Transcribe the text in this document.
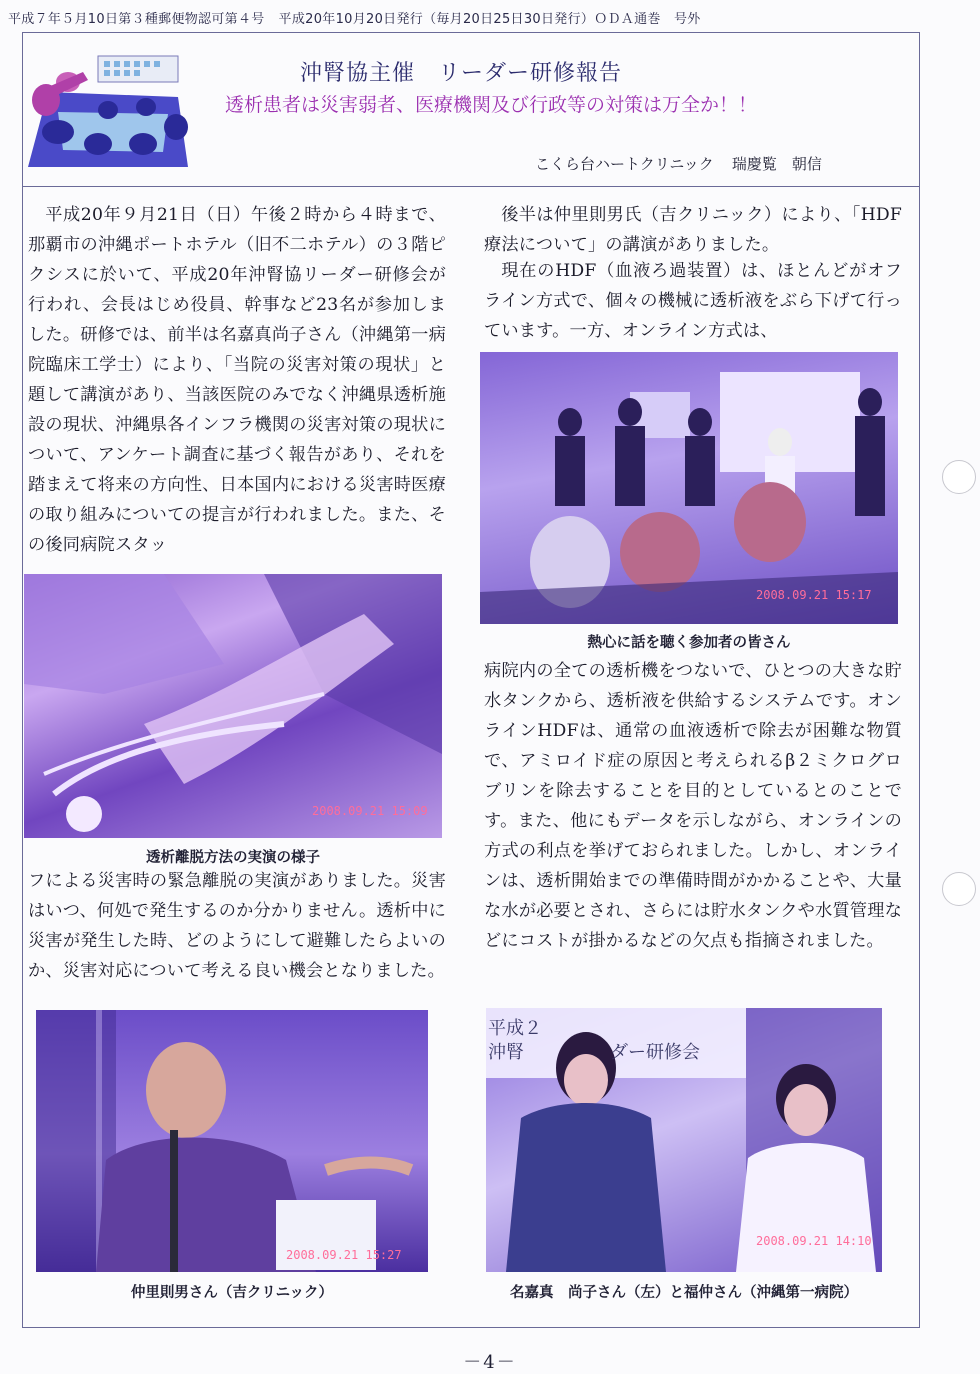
平成７年５月10日第３種郵便物認可第４号 平成20年10月20日発行（毎月20日25日30日発行）ＯＤＡ通巻　号外
沖腎協主催　リーダー研修報告
透析患者は災害弱者、医療機関及び行政等の対策は万全か！！
こくら台ハートクリニック 瑞慶覧　朝信

平成20年９月21日（日）午後２時から４時まで、那覇市の沖縄ポートホテル（旧不二ホテル）の３階ピクシスに於いて、平成20年沖腎協リーダー研修会が行われ、会長はじめ役員、幹事など23名が参加しました。研修では、前半は名嘉真尚子さん（沖縄第一病院臨床工学士）により、「当院の災害対策の現状」と題して講演があり、当該医院のみでなく沖縄県透析施設の現状、沖縄県各インフラ機関の災害対策の現状について、アンケート調査に基づく報告があり、それを踏まえて将来の方向性、日本国内における災害時医療の取り組みについての提言が行われました。また、その後同病院スタッ

2008.09.21 15:09
透析離脱方法の実演の様子

フによる災害時の緊急離脱の実演がありました。災害はいつ、何処で発生するのか分かりません。透析中に災害が発生した時、どのようにして避難したらよいのか、災害対応について考える良い機会となりました。

2008.09.21 15:27
仲里則男さん（吉クリニック）

後半は仲里則男氏（吉クリニック）により、「HDF療法について」の講演がありました。

現在のHDF（血液ろ過装置）は、ほとんどがオフライン方式で、個々の機械に透析液をぶら下げて行っています。一方、オンライン方式は、

2008.09.21 15:17
熱心に話を聴く参加者の皆さん

病院内の全ての透析機をつないで、ひとつの大きな貯水タンクから、透析液を供給するシステムです。オンラインHDFは、通常の血液透析で除去が困難な物質で、アミロイド症の原因と考えられるβ２ミクログロブリンを除去することを目的としているとのことです。また、他にもデータを示しながら、オンラインの方式の利点を挙げておられました。しかし、オンラインは、透析開始までの準備時間がかかることや、大量な水が必要とされ、さらには貯水タンクや水質管理などにコストが掛かるなどの欠点も指摘されました。

平成２
沖腎	ダー研修会
2008.09.21 14:10
名嘉真　尚子さん（左）と福仲さん（沖縄第一病院）
－4－
